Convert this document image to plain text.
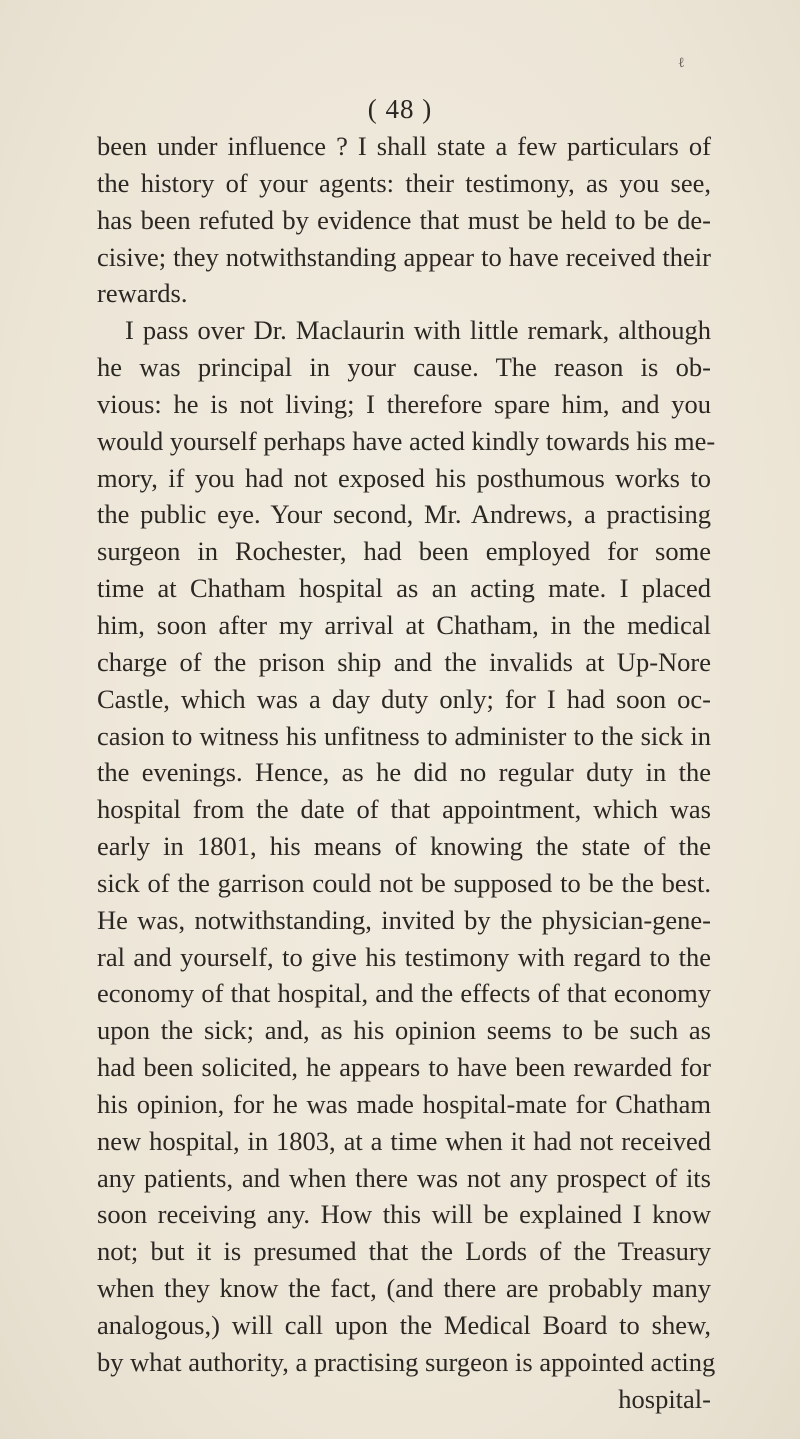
ℓ
( 48 )
been under influence ? I shall state a few particulars of
the history of your agents: their testimony, as you see,
has been refuted by evidence that must be held to be de-
cisive; they notwithstanding appear to have received their
rewards.
I pass over Dr. Maclaurin with little remark, although
he was principal in your cause. The reason is ob-
vious: he is not living; I therefore spare him, and you
would yourself perhaps have acted kindly towards his me-
mory, if you had not exposed his posthumous works to
the public eye. Your second, Mr. Andrews, a practising
surgeon in Rochester, had been employed for some
time at Chatham hospital as an acting mate. I placed
him, soon after my arrival at Chatham, in the medical
charge of the prison ship and the invalids at Up-Nore
Castle, which was a day duty only; for I had soon oc-
casion to witness his unfitness to administer to the sick in
the evenings. Hence, as he did no regular duty in the
hospital from the date of that appointment, which was
early in 1801, his means of knowing the state of the
sick of the garrison could not be supposed to be the best.
He was, notwithstanding, invited by the physician-gene-
ral and yourself, to give his testimony with regard to the
economy of that hospital, and the effects of that economy
upon the sick; and, as his opinion seems to be such as
had been solicited, he appears to have been rewarded for
his opinion, for he was made hospital-mate for Chatham
new hospital, in 1803, at a time when it had not received
any patients, and when there was not any prospect of its
soon receiving any. How this will be explained I know
not; but it is presumed that the Lords of the Treasury
when they know the fact, (and there are probably many
analogous,) will call upon the Medical Board to shew,
by what authority, a practising surgeon is appointed acting
hospital-
